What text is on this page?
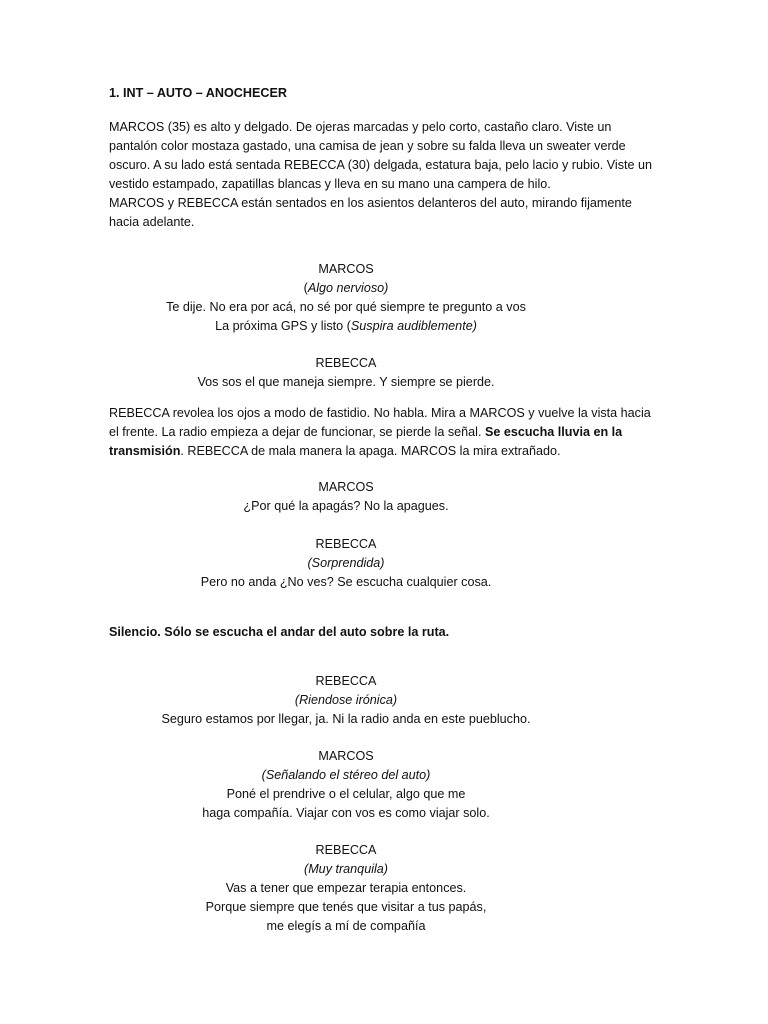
1. INT – AUTO – ANOCHECER

MARCOS (35) es alto y delgado. De ojeras marcadas y pelo corto, castaño claro. Viste un

pantalón color mostaza gastado, una camisa de jean y sobre su falda lleva un sweater verde

oscuro. A su lado está sentada REBECCA (30) delgada, estatura baja, pelo lacio y rubio. Viste un

vestido estampado, zapatillas blancas y lleva en su mano una campera de hilo.

MARCOS y REBECCA están sentados en los asientos delanteros del auto, mirando fijamente

hacia adelante.

MARCOS

(Algo nervioso)

Te dije. No era por acá, no sé por qué siempre te pregunto a vos

La próxima GPS y listo (Suspira audiblemente)

REBECCA

Vos sos el que maneja siempre. Y siempre se pierde.

REBECCA revolea los ojos a modo de fastidio. No habla. Mira a MARCOS y vuelve la vista hacia

el frente. La radio empieza a dejar de funcionar, se pierde la señal. Se escucha lluvia en la

transmisión. REBECCA de mala manera la apaga. MARCOS la mira extrañado.

MARCOS

¿Por qué la apagás? No la apagues.

REBECCA

(Sorprendida)

Pero no anda ¿No ves? Se escucha cualquier cosa.

Silencio. Sólo se escucha el andar del auto sobre la ruta.

REBECCA

(Riendose irónica)

Seguro estamos por llegar, ja. Ni la radio anda en este pueblucho.

MARCOS

(Señalando el stéreo del auto)

Poné el prendrive o el celular, algo que me

haga compañía. Viajar con vos es como viajar solo.

REBECCA

(Muy tranquila)

Vas a tener que empezar terapia entonces.

Porque siempre que tenés que visitar a tus papás,

me elegís a mí de compañía
